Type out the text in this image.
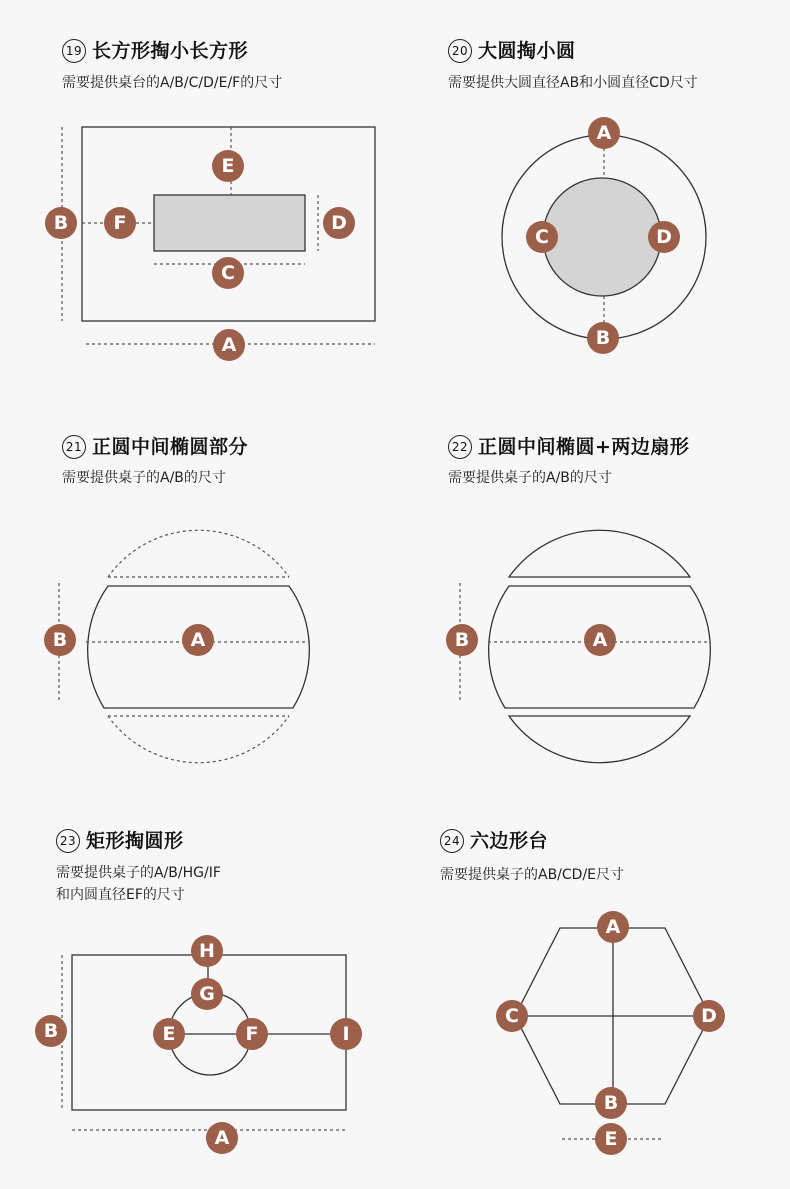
19 长方形掏小长方形
需要提供桌台的A/B/C/D/E/F的尺寸
20 大圆掏小圆
需要提供大圆直径AB和小圆直径CD尺寸
21 正圆中间椭圆部分
需要提供桌子的A/B的尺寸
22 正圆中间椭圆+两边扇形
需要提供桌子的A/B的尺寸
23 矩形掏圆形
需要提供桌子的A/B/HG/IF
和内圆直径EF的尺寸
24 六边形台
需要提供桌子的AB/CD/E尺寸
E
B F	D
C
A
A
C	D
B
B	A	B	A
H
G
B	E	F	I
A
A
C	D
B
E
